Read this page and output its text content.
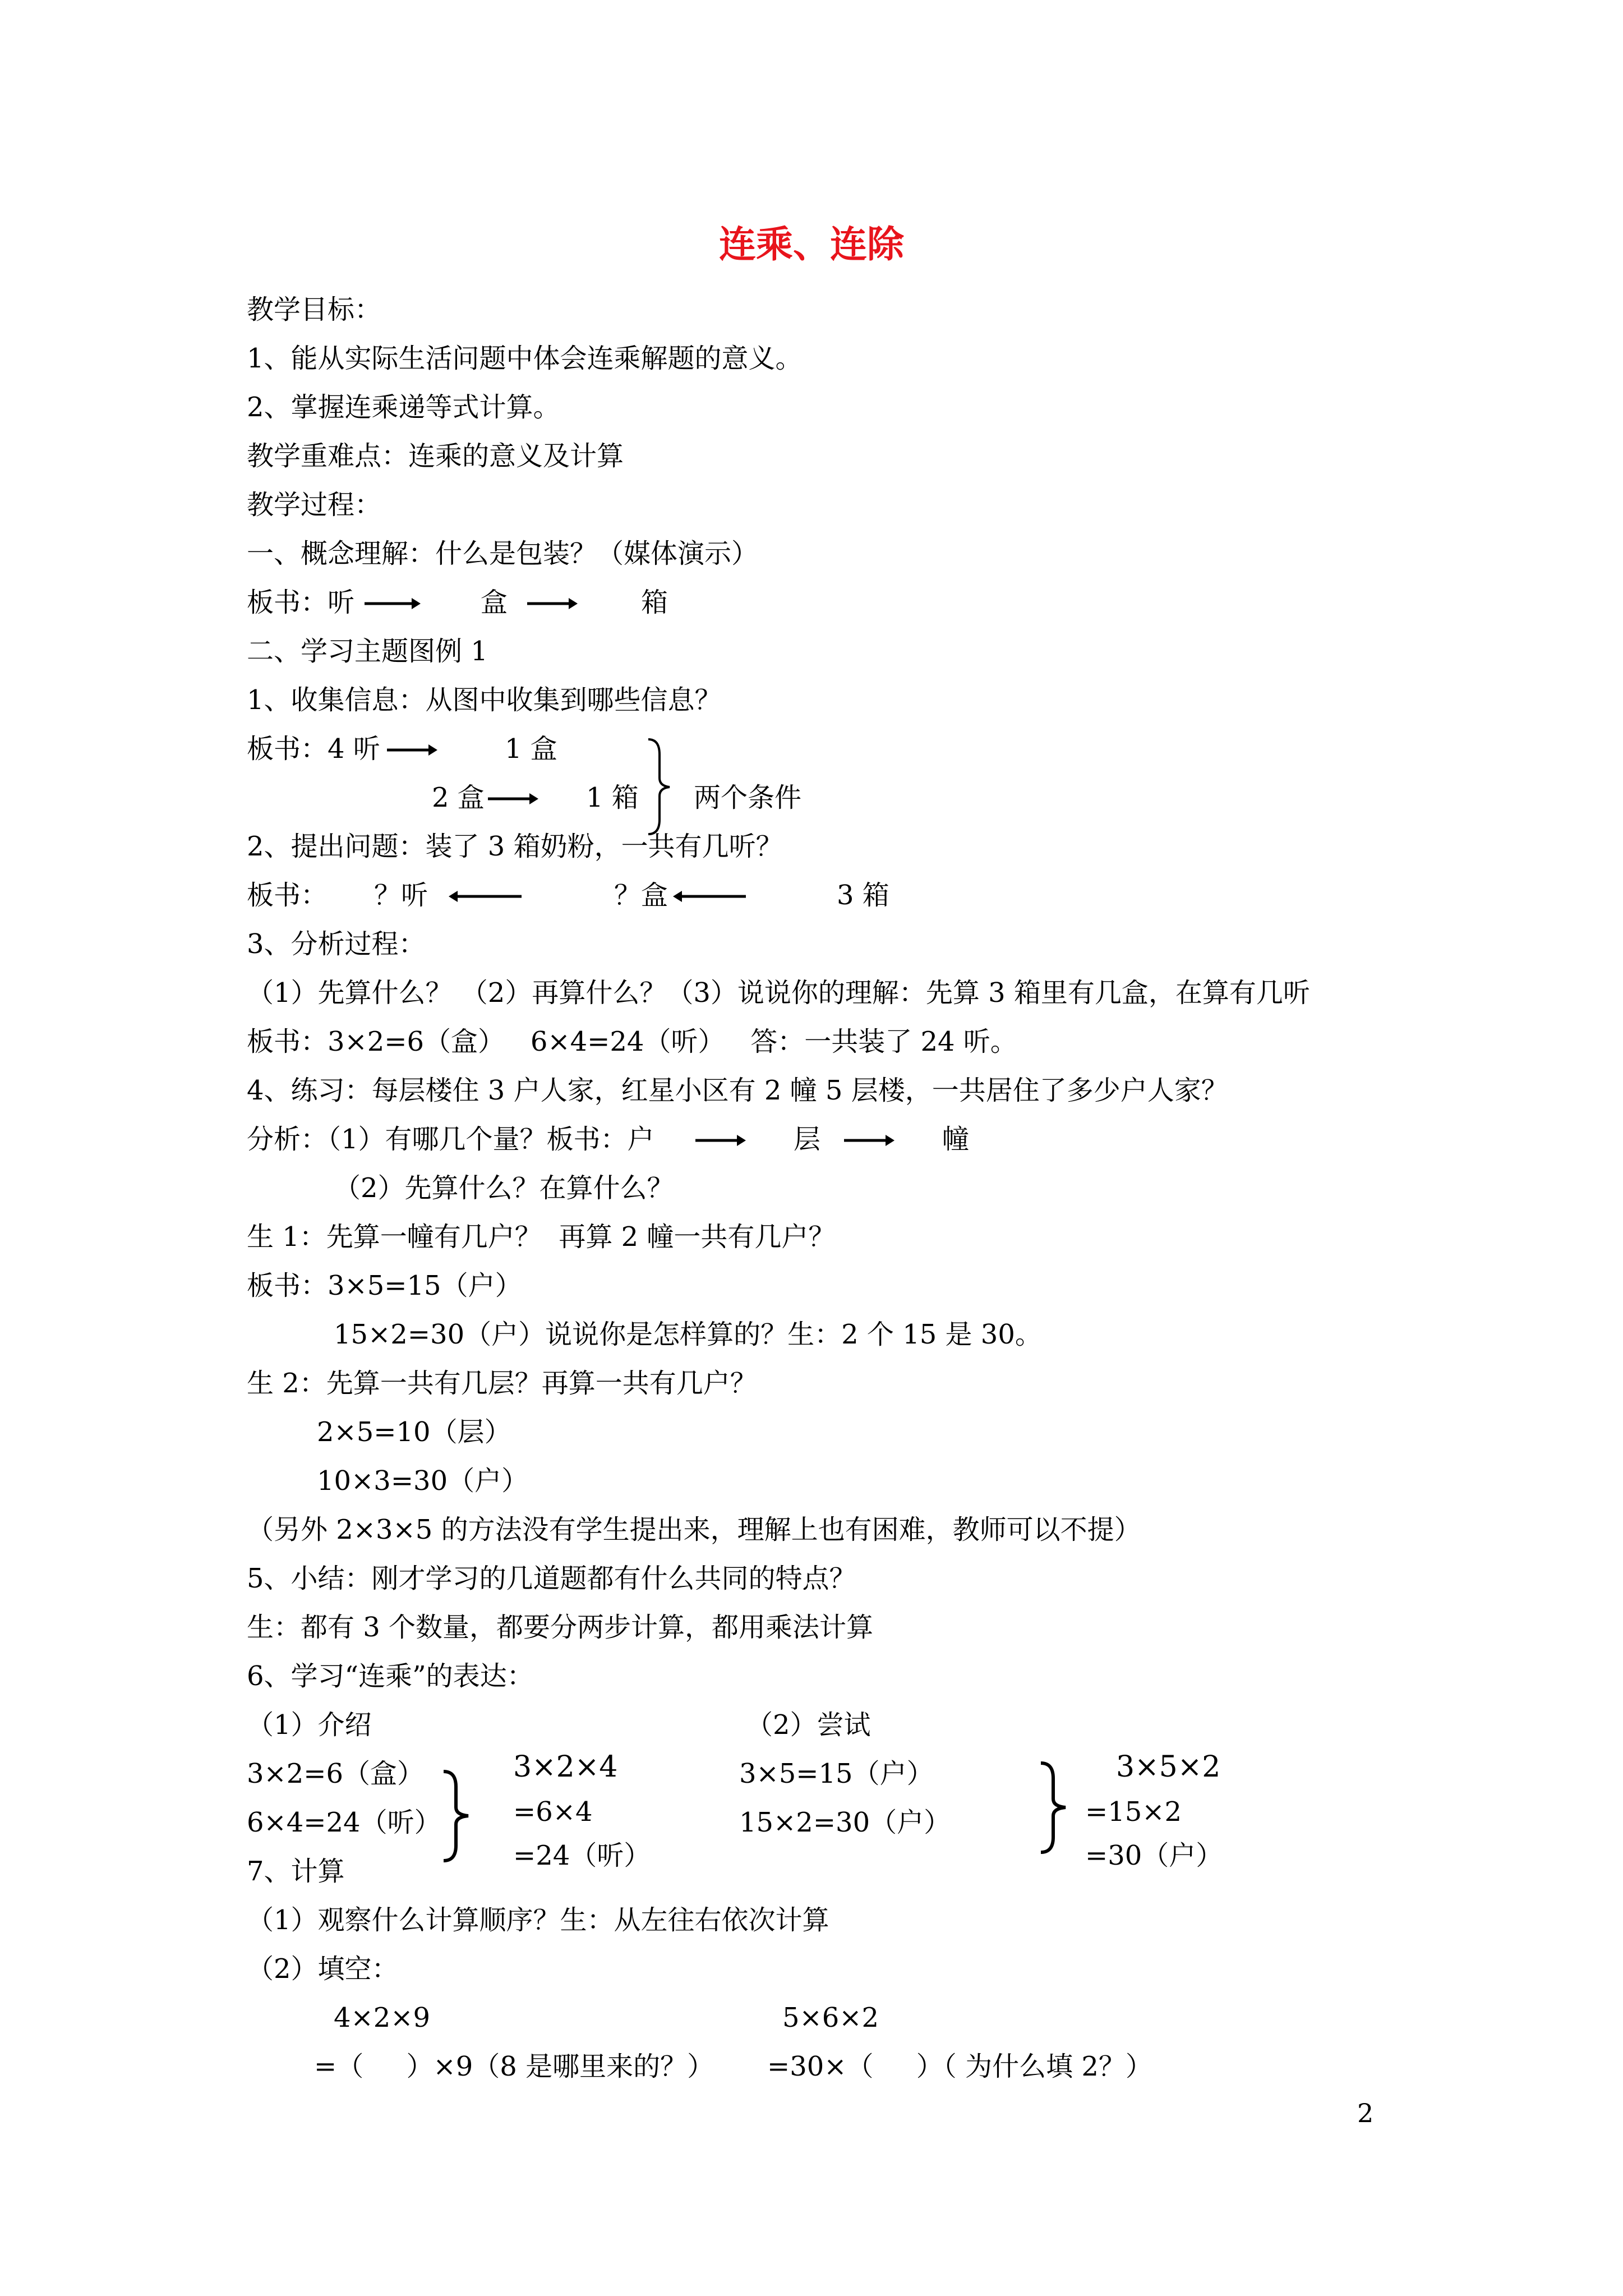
连乘、连除
教学目标：
1、能从实际生活问题中体会连乘解题的意义。
2、掌握连乘递等式计算。
教学重难点：连乘的意义及计算
教学过程：
一、概念理解：什么是包装？（媒体演示）
板书：听	盒	箱
二、学习主题图例 1
1、收集信息：从图中收集到哪些信息？
板书：4 听	1 盒
2 盒	1 箱 两个条件
2、提出问题：装了 3 箱奶粉，一共有几听？
板书： ？听	？盒	3 箱
3、分析过程：
（1）先算什么？ （2）再算什么？（3）说说你的理解：先算 3 箱里有几盒，在算有几听
板书：3×2=6（盒）   6×4=24（听）   答：一共装了 24 听。
4、练习：每层楼住 3 户人家，红星小区有 2 幢 5 层楼，一共居住了多少户人家？
分析：（1）有哪几个量？板书：户	层	幢
（2）先算什么？在算什么？
生 1：先算一幢有几户？  再算 2 幢一共有几户？
板书：3×5=15（户）
15×2=30（户）说说你是怎样算的？生：2 个 15 是 30。
生 2：先算一共有几层？再算一共有几户？
2×5=10（层）
10×3=30（户）
（另外 2×3×5 的方法没有学生提出来，理解上也有困难，教师可以不提）
5、小结：刚才学习的几道题都有什么共同的特点？
生：都有 3 个数量，都要分两步计算，都用乘法计算
6、学习“连乘”的表达：
（1）介绍	（2）尝试
3×2=6（盒）
6×4=24（听）
3×2×4
=6×4
=24（听）
3×5=15（户）
15×2=30（户）
3×5×2
=15×2
=30（户）
7、计算
（1）观察什么计算顺序？生：从左往右依次计算
（2）填空：
4×2×9	5×6×2
=（     ）×9（8 是哪里来的？） =30×（     ）（ 为什么填 2？）
2
